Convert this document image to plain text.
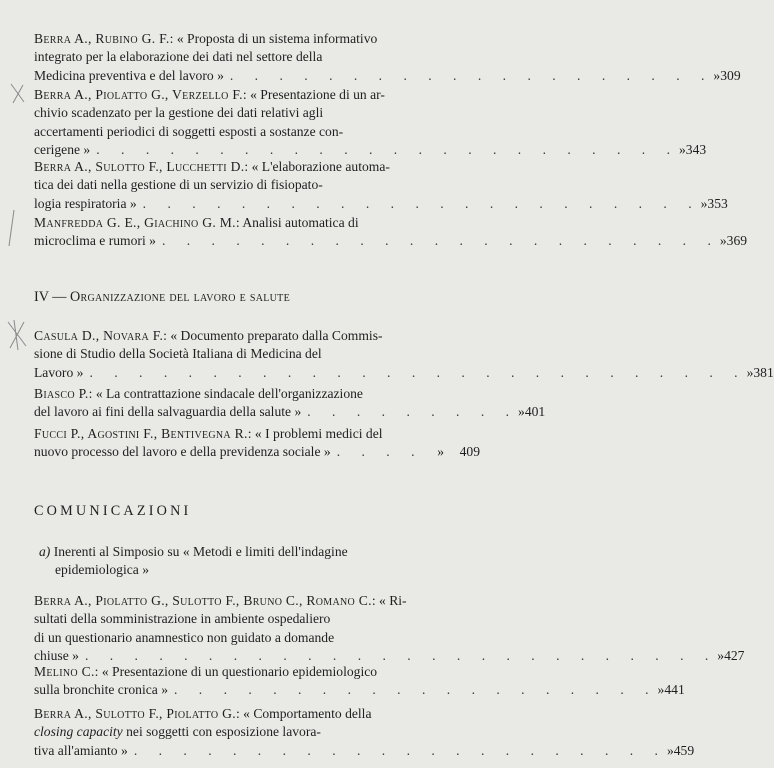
Berra A., Rubino G. F.: « Proposta di un sistema informativo
integrato per la elaborazione dei dati nel settore della
Medicina preventiva e del lavoro » . . . . . . . . . . . . . . . . . . . . » 309
Berra A., Piolatto G., Verzello F.: « Presentazione di un ar-
chivio scadenzato per la gestione dei dati relativi agli
accertamenti periodici di soggetti esposti a sostanze con-
cerigene » . . . . . . . . . . . . . . . . . . . . . . . . » 343
Berra A., Sulotto F., Lucchetti D.: « L'elaborazione automa-
tica dei dati nella gestione di un servizio di fisiopato-
logia respiratoria » . . . . . . . . . . . . . . . . . . . . . . . » 353
Manfredda G. E., Giachino G. M.: Analisi automatica di
microclima e rumori » . . . . . . . . . . . . . . . . . . . . . . . » 369
IV — Organizzazione del lavoro e salute
Casula D., Novara F.: « Documento preparato dalla Commis-
sione di Studio della Società Italiana di Medicina del
Lavoro » . . . . . . . . . . . . . . . . . . . . . . . . . . . » 381
Biasco P.: « La contrattazione sindacale dell'organizzazione
del lavoro ai fini della salvaguardia della salute » . . . . . . . . . » 401
Fucci P., Agostini F., Bentivegna R.: « I problemi medici del
nuovo processo del lavoro e della previdenza sociale » . . . .	»	409
COMUNICAZIONI
a) Inerenti al Simposio su « Metodi e limiti dell'indagine
epidemiologica »
Berra A., Piolatto G., Sulotto F., Bruno C., Romano C.: « Ri-
sultati della somministrazione in ambiente ospedaliero
di un questionario anamnestico non guidato a domande
chiuse » . . . . . . . . . . . . . . . . . . . . . . . . . . » 427
Melino C.: « Presentazione di un questionario epidemiologico
sulla bronchite cronica » . . . . . . . . . . . . . . . . . . . . » 441
Berra A., Sulotto F., Piolatto G.: « Comportamento della
closing capacity nei soggetti con esposizione lavora-
tiva all'amianto » . . . . . . . . . . . . . . . . . . . . . . » 459
